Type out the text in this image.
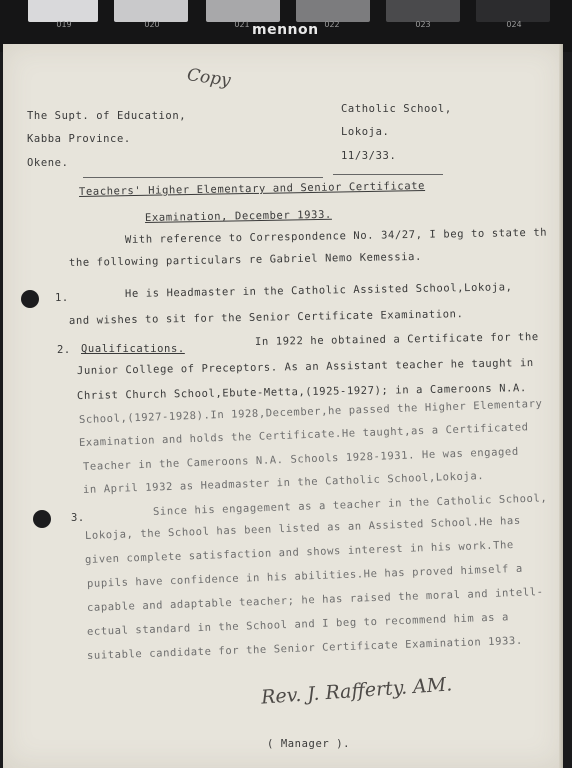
019	020	021	022	023	024
mennon
Copy
The Supt. of Education,
Kabba Province.
Okene.
Catholic School,
Lokoja.
11/3/33.
Teachers' Higher Elementary and Senior Certificate
Examination, December 1933.
With reference to Correspondence No. 34/27, I beg to state th
the following particulars re Gabriel Nemo Kemessia.
1.	He is Headmaster in the Catholic Assisted School,Lokoja,
and wishes to sit for the Senior Certificate Examination.
2. Qualifications.
In 1922 he obtained a Certificate for the
Junior College of Preceptors. As an Assistant teacher he taught in
Christ Church School,Ebute-Metta,(1925-1927); in a Cameroons N.A.
School,(1927-1928).In 1928,December,he passed the Higher Elementary
Examination and holds the Certificate.He taught,as a Certificated
Teacher in the Cameroons N.A. Schools 1928-1931. He was engaged
in April 1932 as Headmaster in the Catholic School,Lokoja.
3.
Since his engagement as a teacher in the Catholic School,
Lokoja, the School has been listed as an Assisted School.He has
given complete satisfaction and shows interest in his work.The
pupils have confidence in his abilities.He has proved himself a
capable and adaptable teacher; he has raised the moral and intell-
ectual standard in the School and I beg to recommend him as a
suitable candidate for the Senior Certificate Examination 1933.
Rev. J. Rafferty. AM.
( Manager ).
